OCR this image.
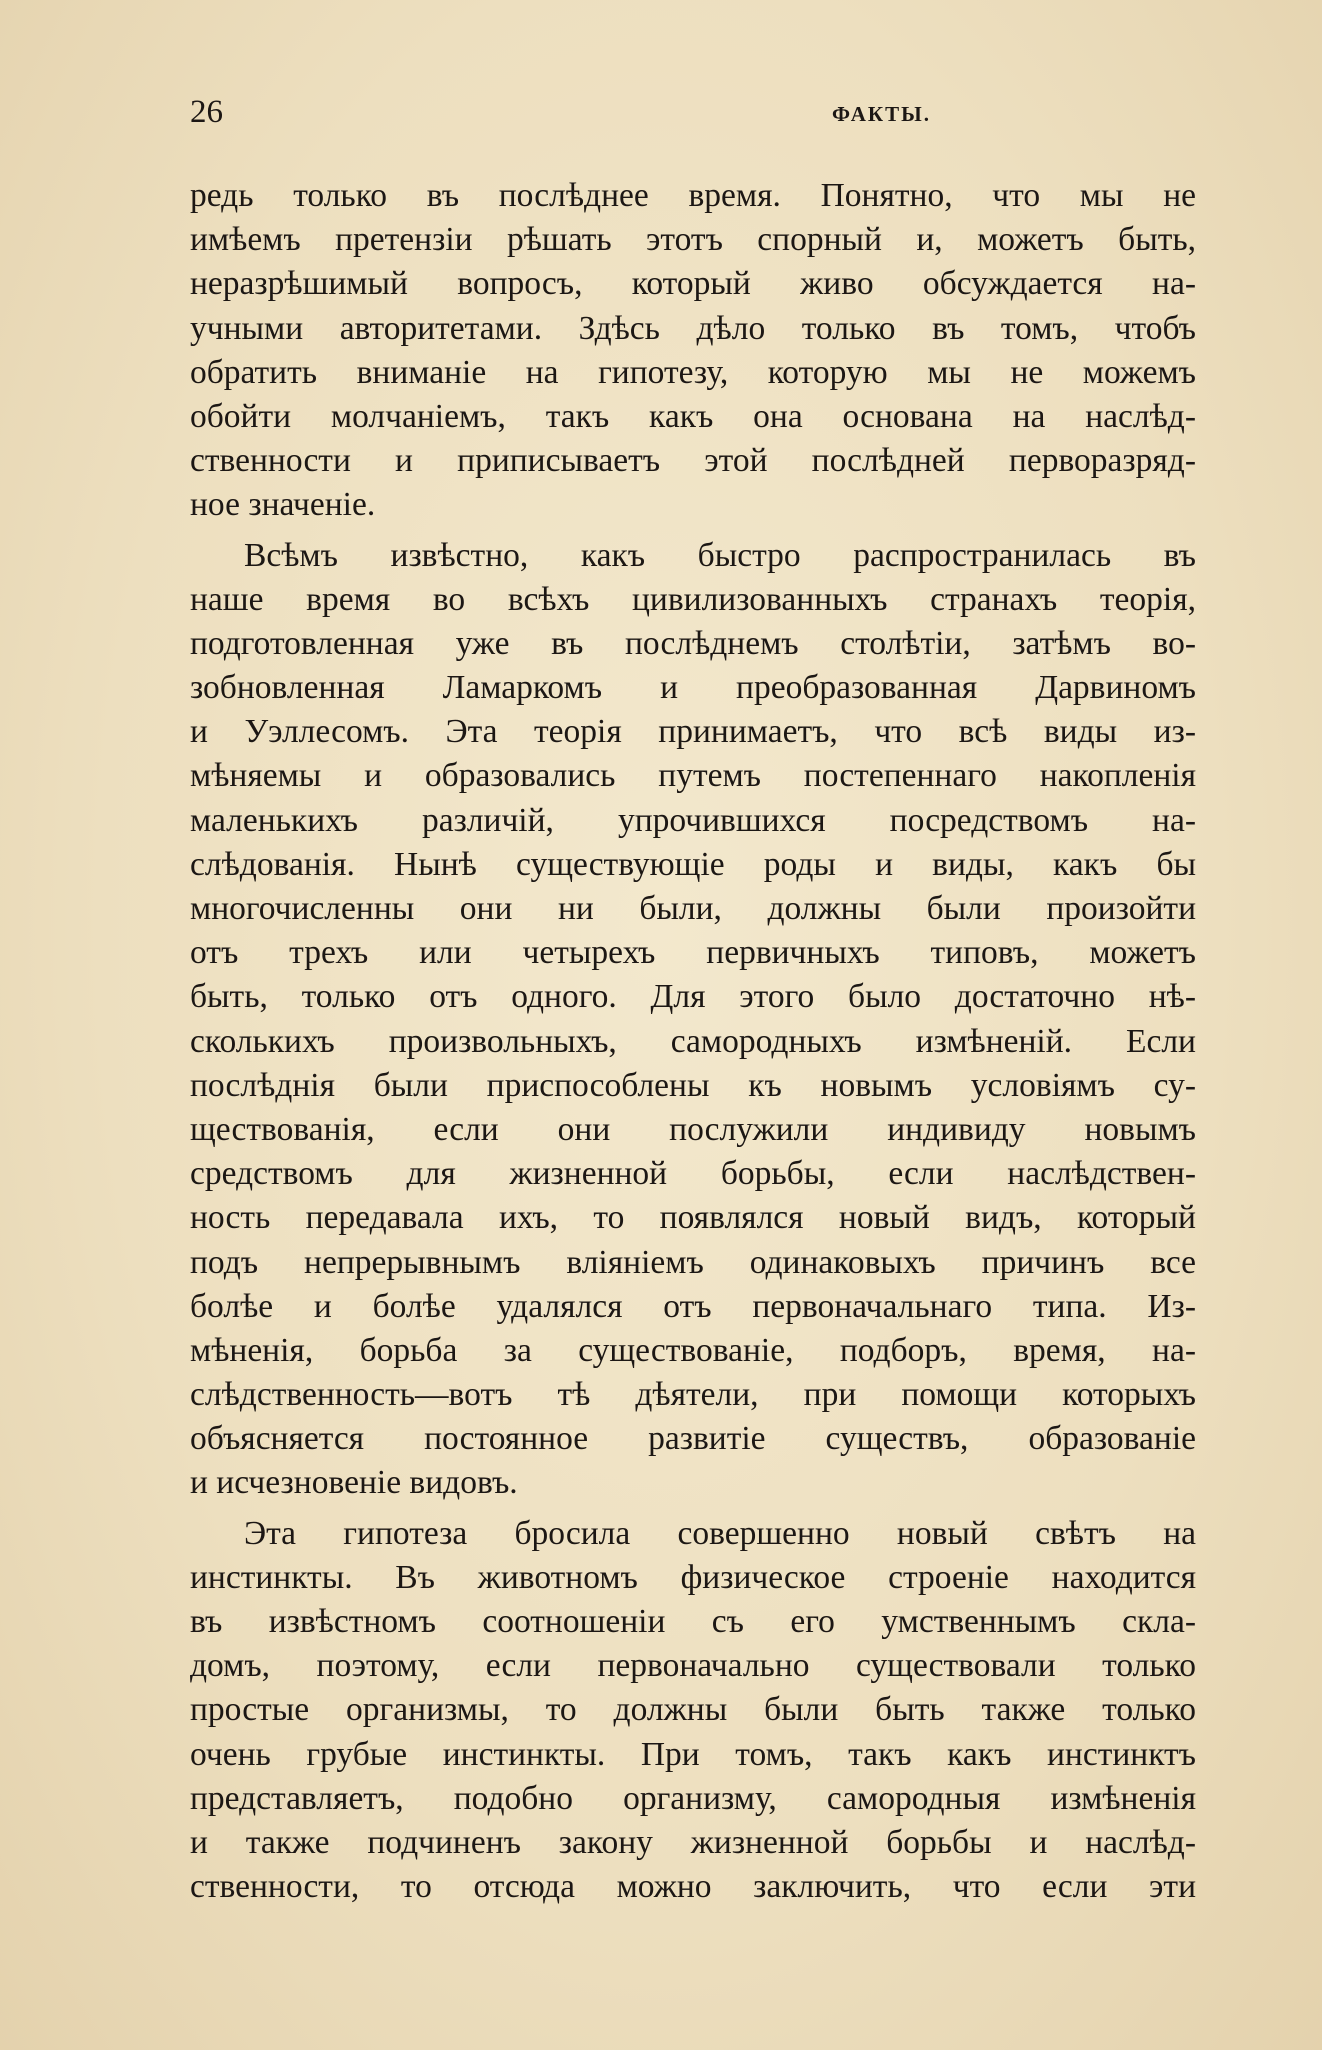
26	ФАКТЫ.
редь только въ послѣднее время. Понятно, что мы не
имѣемъ претензіи рѣшать этотъ спорный и, можетъ быть,
неразрѣшимый вопросъ, который живо обсуждается на-
учными авторитетами. Здѣсь дѣло только въ томъ, чтобъ
обратить вниманіе на гипотезу, которую мы не можемъ
обойти молчаніемъ, такъ какъ она основана на наслѣд-
ственности и приписываетъ этой послѣдней перворазряд-
ное значеніе.
Всѣмъ извѣстно, какъ быстро распространилась въ
наше время во всѣхъ цивилизованныхъ странахъ теорія,
подготовленная уже въ послѣднемъ столѣтіи, затѣмъ во-
зобновленная Ламаркомъ и преобразованная Дарвиномъ
и Уэллесомъ. Эта теорія принимаетъ, что всѣ виды из-
мѣняемы и образовались путемъ постепеннаго накопленія
маленькихъ различій, упрочившихся посредствомъ на-
слѣдованія. Нынѣ существующіе роды и виды, какъ бы
многочисленны они ни были, должны были произойти
отъ трехъ или четырехъ первичныхъ типовъ, можетъ
быть, только отъ одного. Для этого было достаточно нѣ-
сколькихъ произвольныхъ, самородныхъ измѣненій. Если
послѣднія были приспособлены къ новымъ условіямъ су-
ществованія, если они послужили индивиду новымъ
средствомъ для жизненной борьбы, если наслѣдствен-
ность передавала ихъ, то появлялся новый видъ, который
подъ непрерывнымъ вліяніемъ одинаковыхъ причинъ все
болѣе и болѣе удалялся отъ первоначальнаго типа. Из-
мѣненія, борьба за существованіе, подборъ, время, на-
слѣдственность—вотъ тѣ дѣятели, при помощи которыхъ
объясняется постоянное развитіе существъ, образованіе
и исчезновеніе видовъ.
Эта гипотеза бросила совершенно новый свѣтъ на
инстинкты. Въ животномъ физическое строеніе находится
въ извѣстномъ соотношеніи съ его умственнымъ скла-
домъ, поэтому, если первоначально существовали только
простые организмы, то должны были быть также только
очень грубые инстинкты. При томъ, такъ какъ инстинктъ
представляетъ, подобно организму, самородныя измѣненія
и также подчиненъ закону жизненной борьбы и наслѣд-
ственности, то отсюда можно заключить, что если эти
